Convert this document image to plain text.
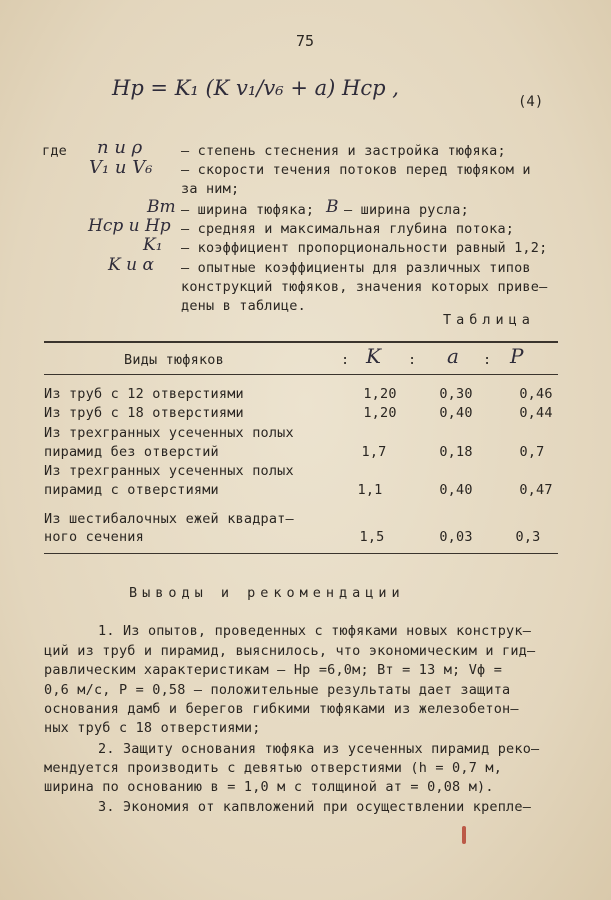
75
Hp = K₁ (K v₁/v₆ + a) Hср ,
(4)
где n и ρ	– степень стеснения и застройка тюфяка;
V₁ и V₆ – скорости течения потоков перед тюфяком и
за ним;
Bт – ширина тюфяка; B – ширина русла;
Hср и Hр – средняя и максимальная глубина потока;
K₁ – коэффициент пропорциональности равный 1,2;
K и α – опытные коэффициенты для различных типов
конструкций тюфяков, значения которых приве–
дены в таблице.
Таблица
Виды тюфяков	: K : a : P
Из труб с 12 отверстиями	1,20	0,30	0,46
Из труб с 18 отверстиями	1,20	0,40	0,44
Из трехгранных усеченных полых
пирамид без отверстий	1,7	0,18	0,7
Из трехгранных усеченных полых
пирамид с отверстиями	1,1	0,40	0,47
Из шестибалочных ежей квадрат–
ного сечения	1,5	0,03	0,3
Выводы и рекомендации
1. Из опытов, проведенных с тюфяками новых конструк–
ций из труб и пирамид, выяснилось, что экономическим и гид–
равлическим характеристикам – Hр =6,0м; Вт = 13 м; Vф =
0,6 м/с, Р = 0,58 – положительные результаты дает защита
основания дамб и берегов гибкими тюфяками из железобетон–
ных труб с 18 отверстиями;
2. Защиту основания тюфяка из усеченных пирамид реко–
мендуется производить с девятью отверстиями (h = 0,7 м,
ширина по основанию в = 1,0 м с толщиной ат = 0,08 м).
3. Экономия от капвложений при осуществлении крепле–
